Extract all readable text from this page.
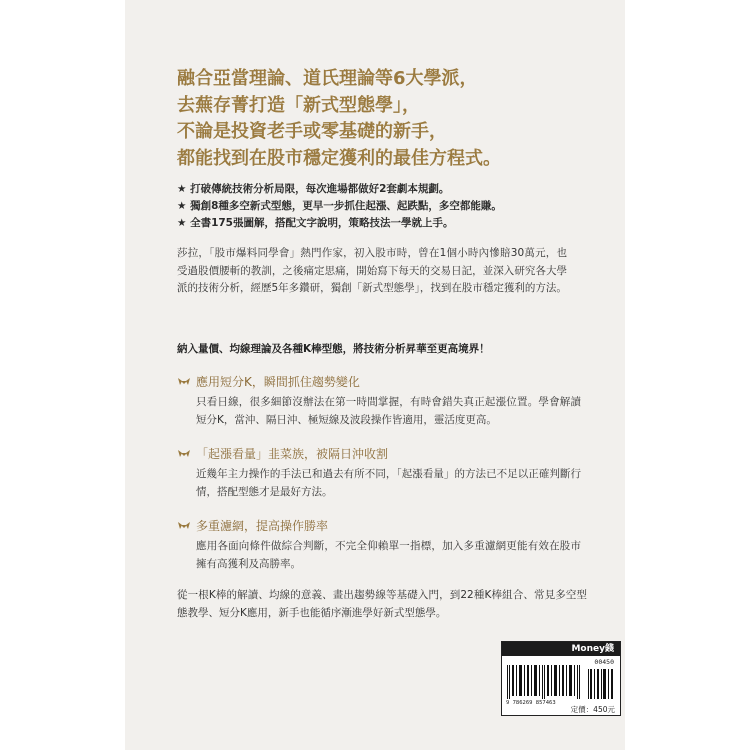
融合亞當理論、道氏理論等6大學派，
去蕪存菁打造「新式型態學」，
不論是投資老手或零基礎的新手，
都能找到在股市穩定獲利的最佳方程式。
★ 打破傳統技術分析局限，每次進場都做好2套劇本規劃。
★ 獨創8種多空新式型態，更早一步抓住起漲、起跌點，多空都能賺。
★ 全書175張圖解，搭配文字說明，策略技法一學就上手。
莎拉，「股市爆料同學會」熱門作家，初入股市時，曾在1個小時內慘賠30萬元，也受過股價腰斬的教訓，之後痛定思痛，開始寫下每天的交易日記，並深入研究各大學派的技術分析，經歷5年多鑽研，獨創「新式型態學」，找到在股市穩定獲利的方法。
納入量價、均線理論及各種K棒型態，將技術分析昇華至更高境界！
應用短分K，瞬間抓住趨勢變化
只看日線，很多細節沒辦法在第一時間掌握，有時會錯失真正起漲位置。學會解讀短分K，當沖、隔日沖、極短線及波段操作皆適用，靈活度更高。
「起漲看量」韭菜族，被隔日沖收割
近幾年主力操作的手法已和過去有所不同，「起漲看量」的方法已不足以正確判斷行情，搭配型態才是最好方法。
多重濾網，提高操作勝率
應用各面向條件做綜合判斷，不完全仰賴單一指標，加入多重濾網更能有效在股市擁有高獲利及高勝率。
從一根K棒的解讀、均線的意義、畫出趨勢線等基礎入門，到22種K棒組合、常見多空型態教學、短分K應用，新手也能循序漸進學好新式型態學。
Money錢
00450
9 786269 857463
定價：450元
